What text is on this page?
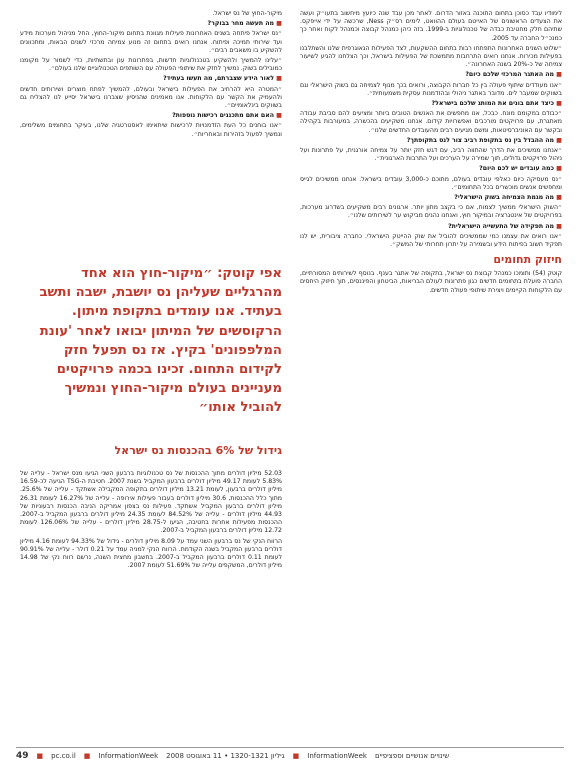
לימודיו עבד כסוכן בתחום התוכנה באזור הדרום. לאחר מכן עבד שנה כיועץ מיחשוב בתעו״ק ועשה את הצעדים הראשונים של האייטם בעולם ההוואט, לימים רס״ק Ness, שרכשה על ידי אייפקס. שתיהם חלק מחטיבת כבדה של טכנולוגיות ב-1999. בזה כיהן כמנהל קבוצה וכמנהל לקוח ואחר כך כמנכ״ל החברה עד 2005.

״שלוש השנים האחרונות התפתחו רבות בתחום ההשקעות, לצד הפעילות הגאוגרפית שלנו והשתלבנו בפעילות מכירות. אנחנו רואים התרחבות מתמשכת של הפעילות בישראל, וכך הצלחנו להגיע לשיעור צמיחה של כ-20% בשנה האחרונה״.

■ מה האתגר המרכזי שלכם כיום?

״אנו מעודדים שיתוף פעולה בין כל חברות הקבוצה, ורואים בכך מנוף לצמיחה גם בשוק הישראלי וגם בשווקים שמעבר לים. מדובר באתגר ניהולי ובהזדמנות עסקית משמעותית״.

■ כיצד אתם בונים את המותג שלכם בישראל?

״כבודם במקומם מונח. כבכל, אנו מחפשים את האנשים הטובים ביותר ומציעים להם סביבת עבודה מאתגרת, עם פרויקטים מורכבים ואפשרויות קידום. אנחנו משקיעים בהכשרה, במעורבות בקהילה ובקשר עם האוניברסיטאות, ומשם מגיעים רבים מהעובדים החדשים שלנו״.

■ מה ההבדל בין נס בתקופת רביב צור לנס בתקופתך?

״אנחנו ממשיכים את הדרך שהתווה רביב, עם דגש חזק יותר על צמיחה אורגנית, על פתרונות ועל ניהול פרויקטים גדולים, תוך שמירה על הערכים ועל התרבות הארגונית״.

■ כמה עובדים יש לכם היום?

״נס מעסיקה כיום כאלפי עובדים בעולם, מתוכם כ-3,000 עובדים בישראל. אנחנו ממשיכים לגייס ומחפשים אנשים מוכשרים בכל התחומים״.

■ מה מגמת הצמיחה בשוק הישראלי?

״השוק הישראלי ממשיך לצמוח, אם כי בקצב מתון יותר. ארגונים רבים משקיעים בשדרוג מערכות, בפרויקטים של אינטגרציה ובמיקור חוץ, ואנחנו נהנים מביקוש ער לשירותים שלנו״.

■ מה תפקידה של התעשייה הישראלית?

״אנו רואים את עצמנו כמי שממשיכים להוביל את שוק ההייטק הישראלי. כחברה ציבורית, יש לנו תפקיד חשוב בפיתוח הידע ובשמירה על יתרון תחרותי של המשק״.

חיזוק תחומים

קוטק (54) ותומכו כמנהל קבוצת נס ישראל, בתקופה של אתגר בענף. בנוסף לשירותים המסורתיים, החברה פועלת בתחומים חדשים כגון פתרונות לעולם הבריאות, הביטחון והפיננסים, תוך חיזוק היחסים עם הלקוחות הקיימים ויצירת שיתופי פעולה חדשים.

מיקור-החוץ של נס ישראל.

■ מה תעשה מחר בבוקר?

״נס ישראל פיתחה בשנים האחרונות פעילות מגוונת בתחום מיקור-החוץ, החל מניהול מערכות מידע ועד שירותי תמיכה ופיתוח. אנחנו רואים בתחום זה מנוע צמיחה מרכזי לשנים הבאות, ומתכוונים להשקיע בו משאבים רבים״.

״עלינו להמשיך ולהשקיע בטכנולוגיות חדשות, בפתרונות ענן ובתשתיות, כדי לשמור על מקומנו כמובילים בשוק. נמשיך לחזק את שיתופי הפעולה עם השותפים הטכנולוגיים שלנו בעולם״.

■ לאור הידע שצברתם, מה תעשו בעתיד?

״המטרה היא להרחיב את הפעילות בישראל ובעולם, להמשיך לפתח מוצרים ושירותים חדשים ולהעמיק את הקשר עם הלקוחות. אנו מאמינים שהניסיון שצברנו בישראל יסייע לנו להצליח גם בשווקים בינלאומיים״.

■ האם אתם מתכננים רכישות נוספות?

״אנו בוחנים כל העת הזדמנויות לרכישות שיתאימו לאסטרטגיה שלנו, בעיקר בתחומים משלימים, ונמשיך לפעול בזהירות ובאחריות״.

אפי קוטק: ״מיקור-חוץ הוא אחד מהרגליים שעליהן נס יושבת, ישבה ותשב בעתיד. אנו עומדים בתקופת מיתון. הרקוסשים של המיתון יבואו לאחר 'עונת המלפפונים' בקיץ. אז נס תפעל חזק לקידום התחום. זכינו בכמה פרויקטים מעניינים בעולם מיקור-החוץ ונמשיך להוביל אותו״
גידול של 6% בהכנסות נס ישראל

52.03 מיליון דולרים מתוך ההכנסות של נס טכנולוגיות ברבעון השני הגיעו מנס ישראל - עלייה של 5.83% לעומת 49.17 מיליון דולרים ברבעון המקביל בשנת 2007. חטיבת ה-TSG הגיעה לכ-16.59 מיליון דולרים ברבעון, לעומת 13.21 מיליון דולרים בתקופה המקבילה אשתקד - עלייה של 25.6%. מתוך כלל ההכנסות, 30.6 מיליון דולרים בעבור פעילות אירופה - עלייה של 16.27% לעומת 26.31 מיליון דולרים ברבעון המקביל אשתקד. פעילות נס בצפון אמריקה הניבה הכנסות רבעוניות של 44.93 מיליון דולרים - עלייה של 84.52% לעומת 24.35 מיליון דולרים ברבעון המקביל ב-2007. ההכנסות מפעילות אחרות בחטיבה, הגיעו ל-28.75 מיליון דולרים - עלייה של 126.06% לעומת 12.72 מיליון דולרים ברבעון המקביל ב-2007.

הרווח הנקי של נס ברבעון השני עמד על 8.09 מיליון דולרים - גידול של 94.33% לעומת 4.16 מיליון דולרים ברבעון המקביל בשנה הקודמת. הרווח הנקי למניה עמד על 0.21 דולר - עלייה של 90.91% לעומת 0.11 דולרים ברבעון המקביל ב-2007. בחשבון מחצית השנה, נרשם רווח נקי של 14.98 מיליון דולרים, המשקפים עלייה של 51.69% לעומת 2007.

49 ■ pc.co.il ■ InformationWeek גיליון 1320-1321 • 11 באוגוסט 2008 ■ InformationWeek שינויים אנושיים וספציפיים
